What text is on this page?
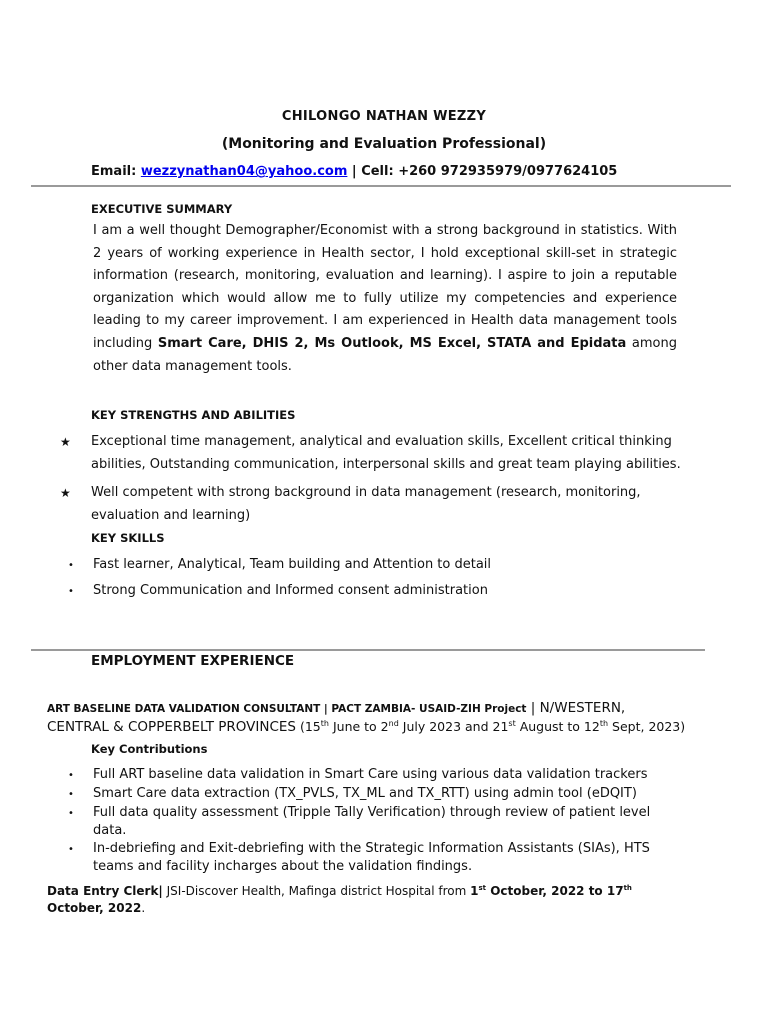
CHILONGO NATHAN WEZZY
(Monitoring and Evaluation Professional)
Email: wezzynathan04@yahoo.com | Cell: +260 972935979/0977624105
EXECUTIVE SUMMARY
I am a well thought Demographer/Economist with a strong background in statistics. With 2 years of working experience in Health sector, I hold exceptional skill-set in strategic information (research, monitoring, evaluation and learning). I aspire to join a reputable organization which would allow me to fully utilize my competencies and experience leading to my career improvement. I am experienced in Health data management tools including Smart Care, DHIS 2, Ms Outlook, MS Excel, STATA and Epidata among other data management tools.
KEY STRENGTHS AND ABILITIES
★ Exceptional time management, analytical and evaluation skills, Excellent critical thinking abilities, Outstanding communication, interpersonal skills and great team playing abilities.
★ Well competent with strong background in data management (research, monitoring, evaluation and learning)
KEY SKILLS
• Fast learner, Analytical, Team building and Attention to detail
• Strong Communication and Informed consent administration
EMPLOYMENT EXPERIENCE
ART BASELINE DATA VALIDATION CONSULTANT | PACT ZAMBIA- USAID-ZIH Project | N/WESTERN,
CENTRAL & COPPERBELT PROVINCES (15th June to 2nd July 2023 and 21st August to 12th Sept, 2023)
Key Contributions
• Full ART baseline data validation in Smart Care using various data validation trackers
• Smart Care data extraction (TX_PVLS, TX_ML and TX_RTT) using admin tool (eDQIT)
• Full data quality assessment (Tripple Tally Verification) through review of patient level data.
• In-debriefing and Exit-debriefing with the Strategic Information Assistants (SIAs), HTS teams and facility incharges about the validation findings.
Data Entry Clerk| JSI-Discover Health, Mafinga district Hospital from 1st October, 2022 to 17th
October, 2022.
